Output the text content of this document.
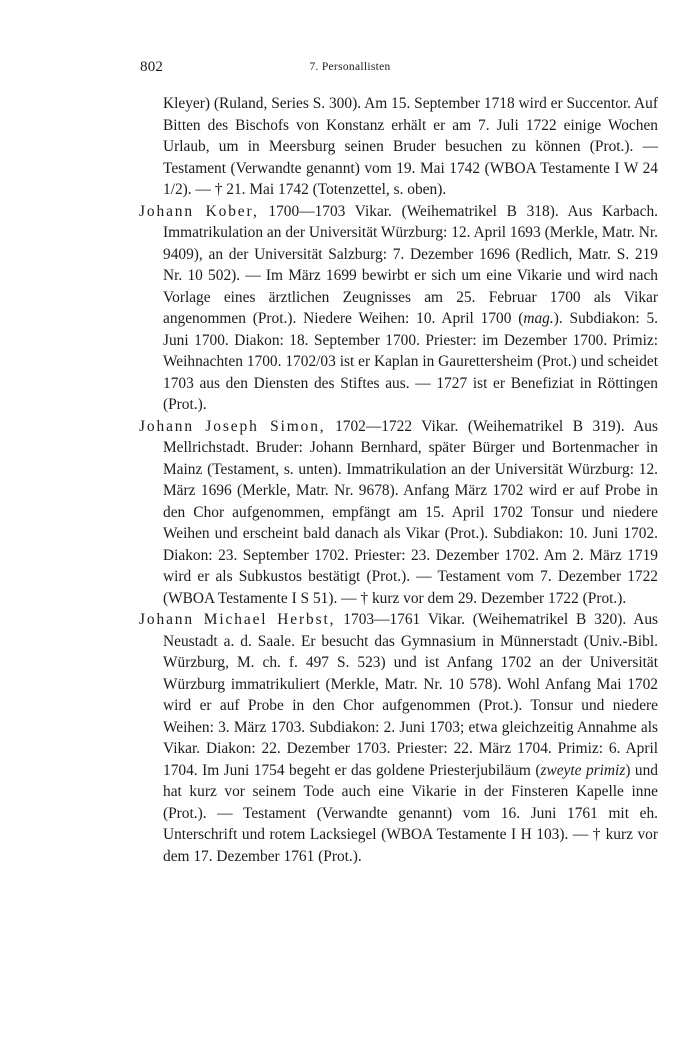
802	7. Personallisten

Kleyer) (Ruland, Series S. 300). Am 15. September 1718 wird er Succentor. Auf Bitten des Bischofs von Konstanz erhält er am 7. Juli 1722 einige Wochen Urlaub, um in Meersburg seinen Bruder besuchen zu können (Prot.). — Testament (Verwandte genannt) vom 19. Mai 1742 (WBOA Testamente I W 24 1/2). — † 21. Mai 1742 (Totenzettel, s. oben).

Johann Kober, 1700—1703 Vikar. (Weihematrikel B 318). Aus Karbach. Immatrikulation an der Universität Würzburg: 12. April 1693 (Merkle, Matr. Nr. 9409), an der Universität Salzburg: 7. Dezember 1696 (Redlich, Matr. S. 219 Nr. 10 502). — Im März 1699 bewirbt er sich um eine Vikarie und wird nach Vorlage eines ärztlichen Zeugnisses am 25. Februar 1700 als Vikar angenommen (Prot.). Niedere Weihen: 10. April 1700 (mag.). Subdiakon: 5. Juni 1700. Diakon: 18. September 1700. Priester: im Dezember 1700. Primiz: Weihnachten 1700. 1702/03 ist er Kaplan in Gaurettersheim (Prot.) und scheidet 1703 aus den Diensten des Stiftes aus. — 1727 ist er Benefiziat in Röttingen (Prot.).

Johann Joseph Simon, 1702—1722 Vikar. (Weihematrikel B 319). Aus Mellrichstadt. Bruder: Johann Bernhard, später Bürger und Bortenmacher in Mainz (Testament, s. unten). Immatrikulation an der Universität Würzburg: 12. März 1696 (Merkle, Matr. Nr. 9678). Anfang März 1702 wird er auf Probe in den Chor aufgenommen, empfängt am 15. April 1702 Tonsur und niedere Weihen und erscheint bald danach als Vikar (Prot.). Subdiakon: 10. Juni 1702. Diakon: 23. September 1702. Priester: 23. Dezember 1702. Am 2. März 1719 wird er als Subkustos bestätigt (Prot.). — Testament vom 7. Dezember 1722 (WBOA Testamente I S 51). — † kurz vor dem 29. Dezember 1722 (Prot.).

Johann Michael Herbst, 1703—1761 Vikar. (Weihematrikel B 320). Aus Neustadt a. d. Saale. Er besucht das Gymnasium in Münnerstadt (Univ.-Bibl. Würzburg, M. ch. f. 497 S. 523) und ist Anfang 1702 an der Universität Würzburg immatrikuliert (Merkle, Matr. Nr. 10 578). Wohl Anfang Mai 1702 wird er auf Probe in den Chor aufgenommen (Prot.). Tonsur und niedere Weihen: 3. März 1703. Subdiakon: 2. Juni 1703; etwa gleichzeitig Annahme als Vikar. Diakon: 22. Dezember 1703. Priester: 22. März 1704. Primiz: 6. April 1704. Im Juni 1754 begeht er das goldene Priesterjubiläum (zweyte primiz) und hat kurz vor seinem Tode auch eine Vikarie in der Finsteren Kapelle inne (Prot.). — Testament (Verwandte genannt) vom 16. Juni 1761 mit eh. Unterschrift und rotem Lacksiegel (WBOA Testamente I H 103). — † kurz vor dem 17. Dezember 1761 (Prot.).
